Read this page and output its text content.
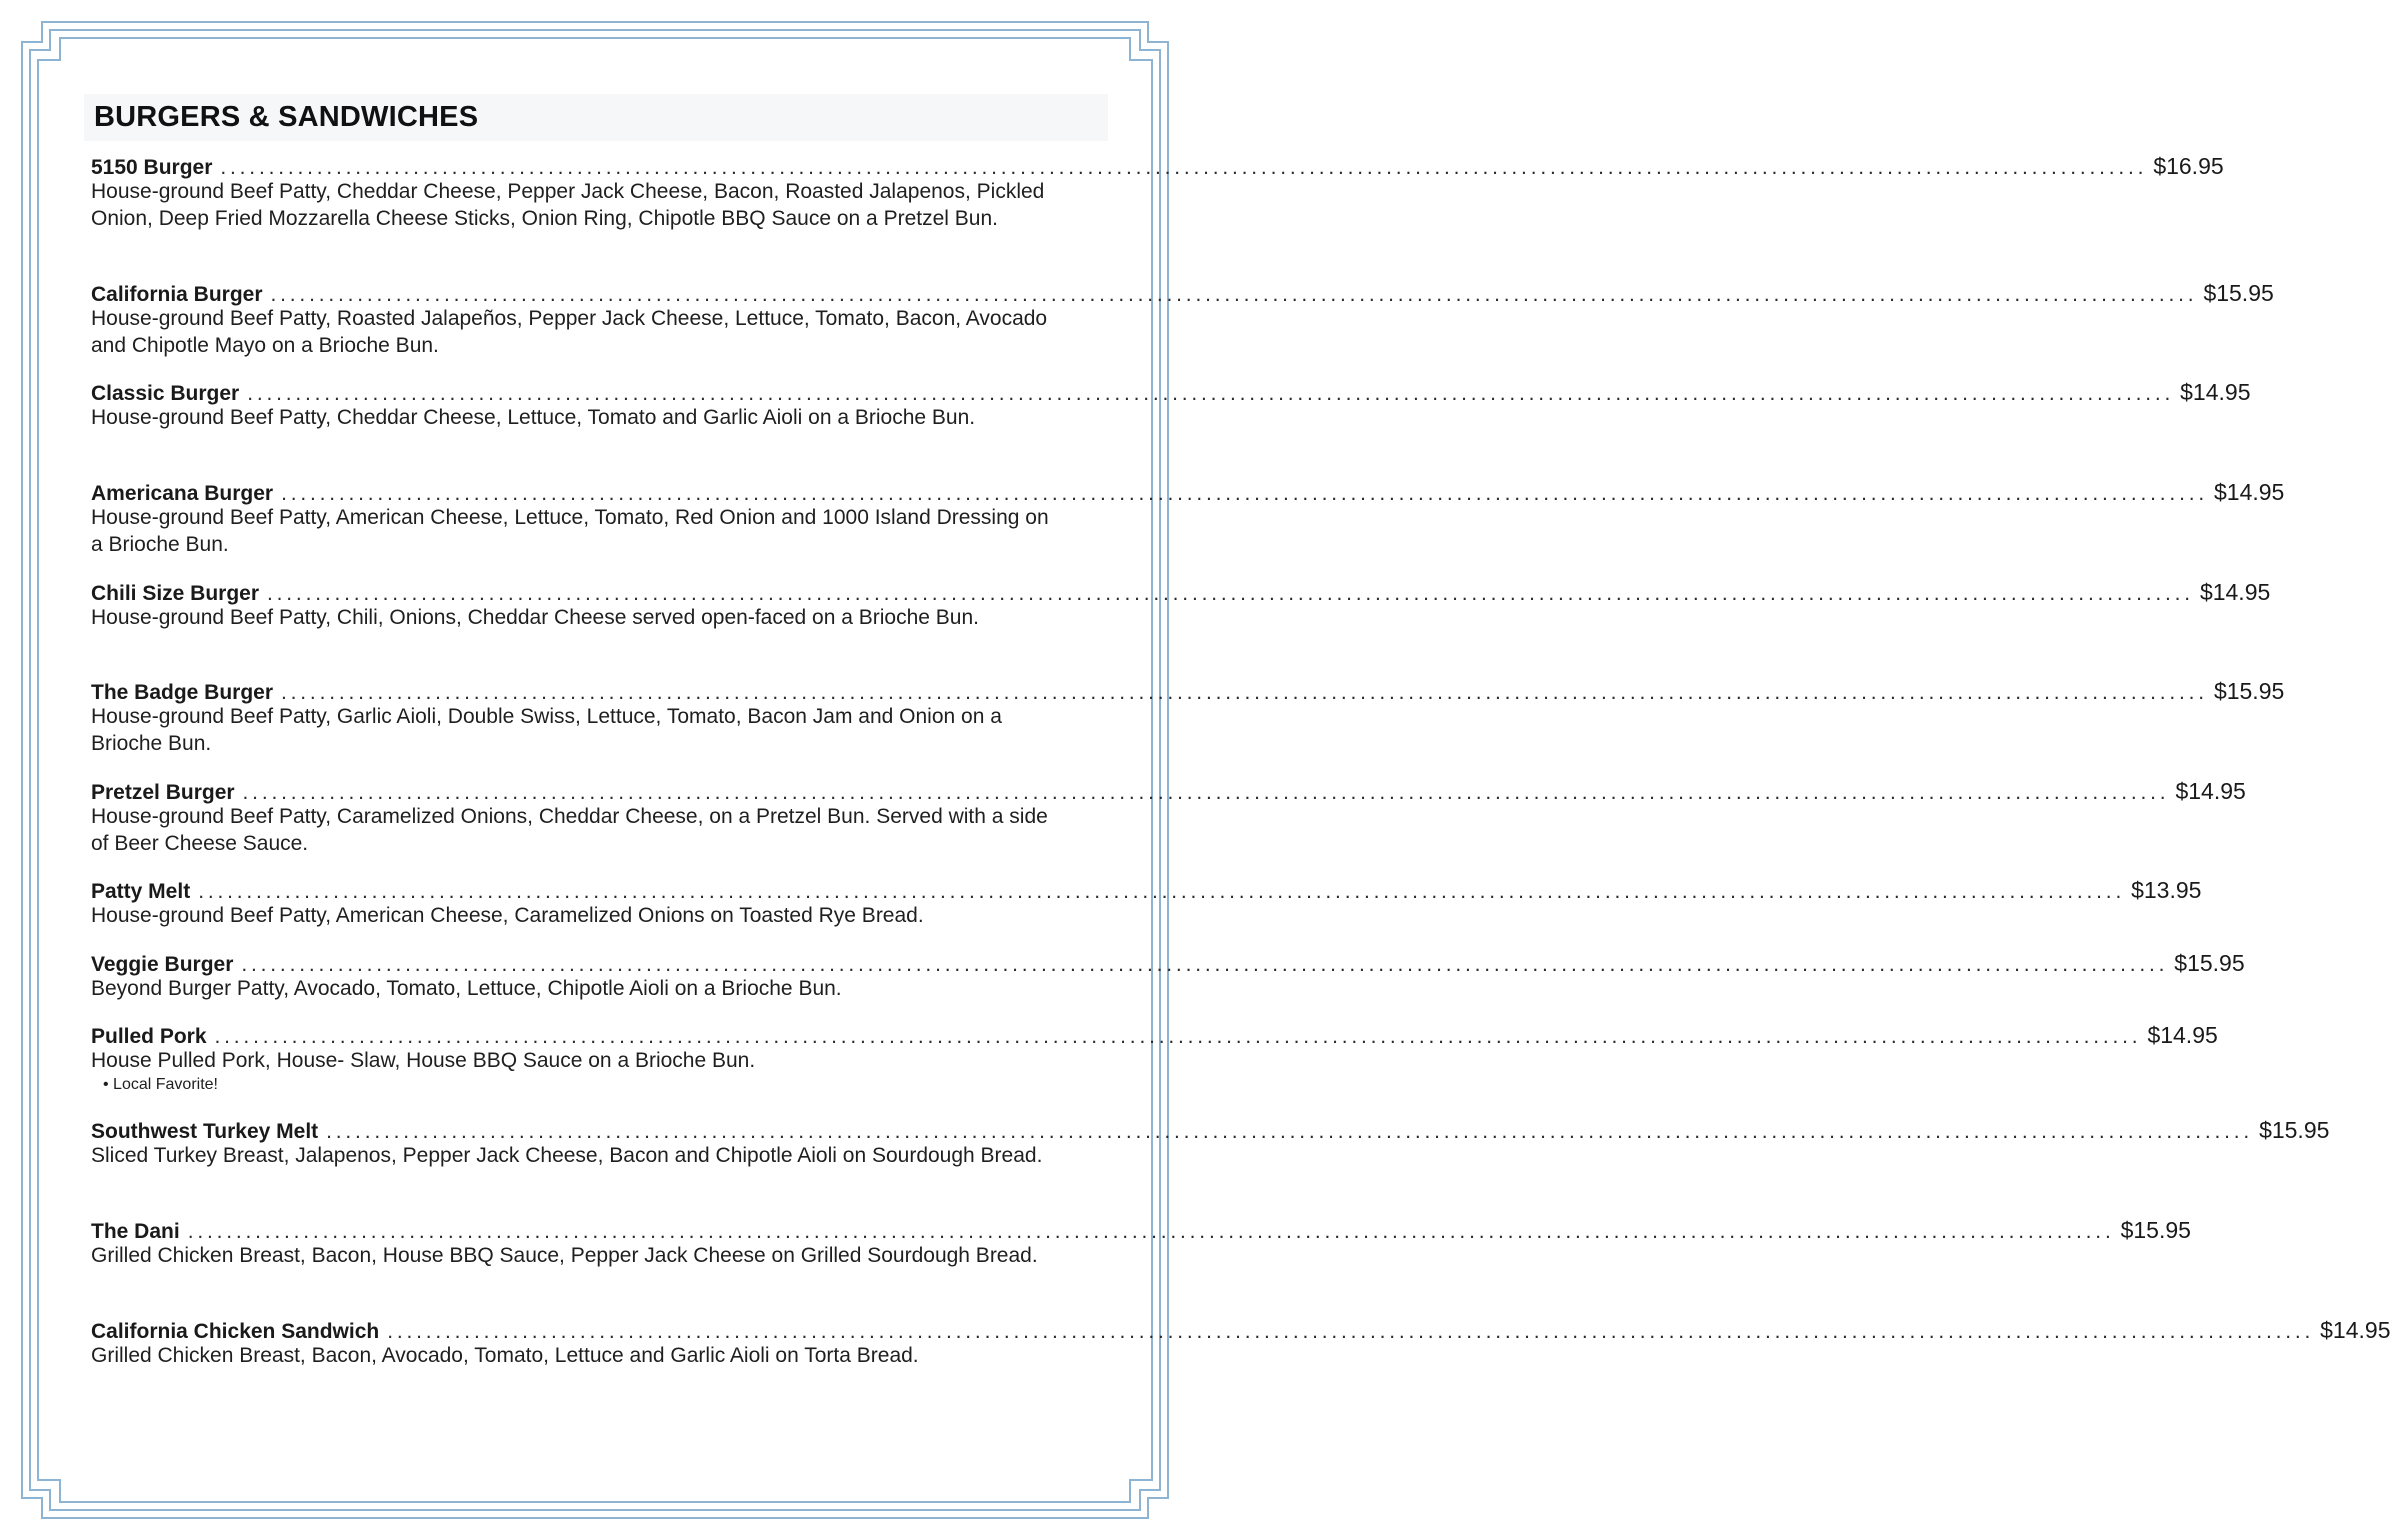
BURGERS & SANDWICHES
5150 Burger ........................................................................................................................................................................................................ $16.95

House-ground Beef Patty, Cheddar Cheese, Pepper Jack Cheese, Bacon, Roasted Jalapenos, Pickled Onion, Deep Fried Mozzarella Cheese Sticks, Onion Ring, Chipotle BBQ Sauce on a Pretzel Bun.

California Burger ........................................................................................................................................................................................................ $15.95

House-ground Beef Patty, Roasted Jalapeños, Pepper Jack Cheese, Lettuce, Tomato, Bacon, Avocado and Chipotle Mayo on a Brioche Bun.

Classic Burger ........................................................................................................................................................................................................ $14.95

House-ground Beef Patty, Cheddar Cheese, Lettuce, Tomato and Garlic Aioli on a Brioche Bun.

Americana Burger ........................................................................................................................................................................................................ $14.95

House-ground Beef Patty, American Cheese, Lettuce, Tomato, Red Onion and 1000 Island Dressing on a Brioche Bun.

Chili Size Burger ........................................................................................................................................................................................................ $14.95

House-ground Beef Patty, Chili, Onions, Cheddar Cheese served open-faced on a Brioche Bun.

The Badge Burger ........................................................................................................................................................................................................ $15.95

House-ground Beef Patty, Garlic Aioli, Double Swiss, Lettuce, Tomato, Bacon Jam and Onion on a Brioche Bun.

Pretzel Burger ........................................................................................................................................................................................................ $14.95

House-ground Beef Patty, Caramelized Onions, Cheddar Cheese, on a Pretzel Bun. Served with a side of Beer Cheese Sauce.

Patty Melt ........................................................................................................................................................................................................ $13.95

House-ground Beef Patty, American Cheese, Caramelized Onions on Toasted Rye Bread.

Veggie Burger ........................................................................................................................................................................................................ $15.95

Beyond Burger Patty, Avocado, Tomato, Lettuce, Chipotle Aioli on a Brioche Bun.

Pulled Pork ........................................................................................................................................................................................................ $14.95

House Pulled Pork, House- Slaw, House BBQ Sauce on a Brioche Bun.

• Local Favorite!

Southwest Turkey Melt ........................................................................................................................................................................................................ $15.95

Sliced Turkey Breast, Jalapenos, Pepper Jack Cheese, Bacon and Chipotle Aioli on Sourdough Bread.

The Dani ........................................................................................................................................................................................................ $15.95

Grilled Chicken Breast, Bacon, House BBQ Sauce, Pepper Jack Cheese on Grilled Sourdough Bread.

California Chicken Sandwich ........................................................................................................................................................................................................ $14.95

Grilled Chicken Breast, Bacon, Avocado, Tomato, Lettuce and Garlic Aioli on Torta Bread.
